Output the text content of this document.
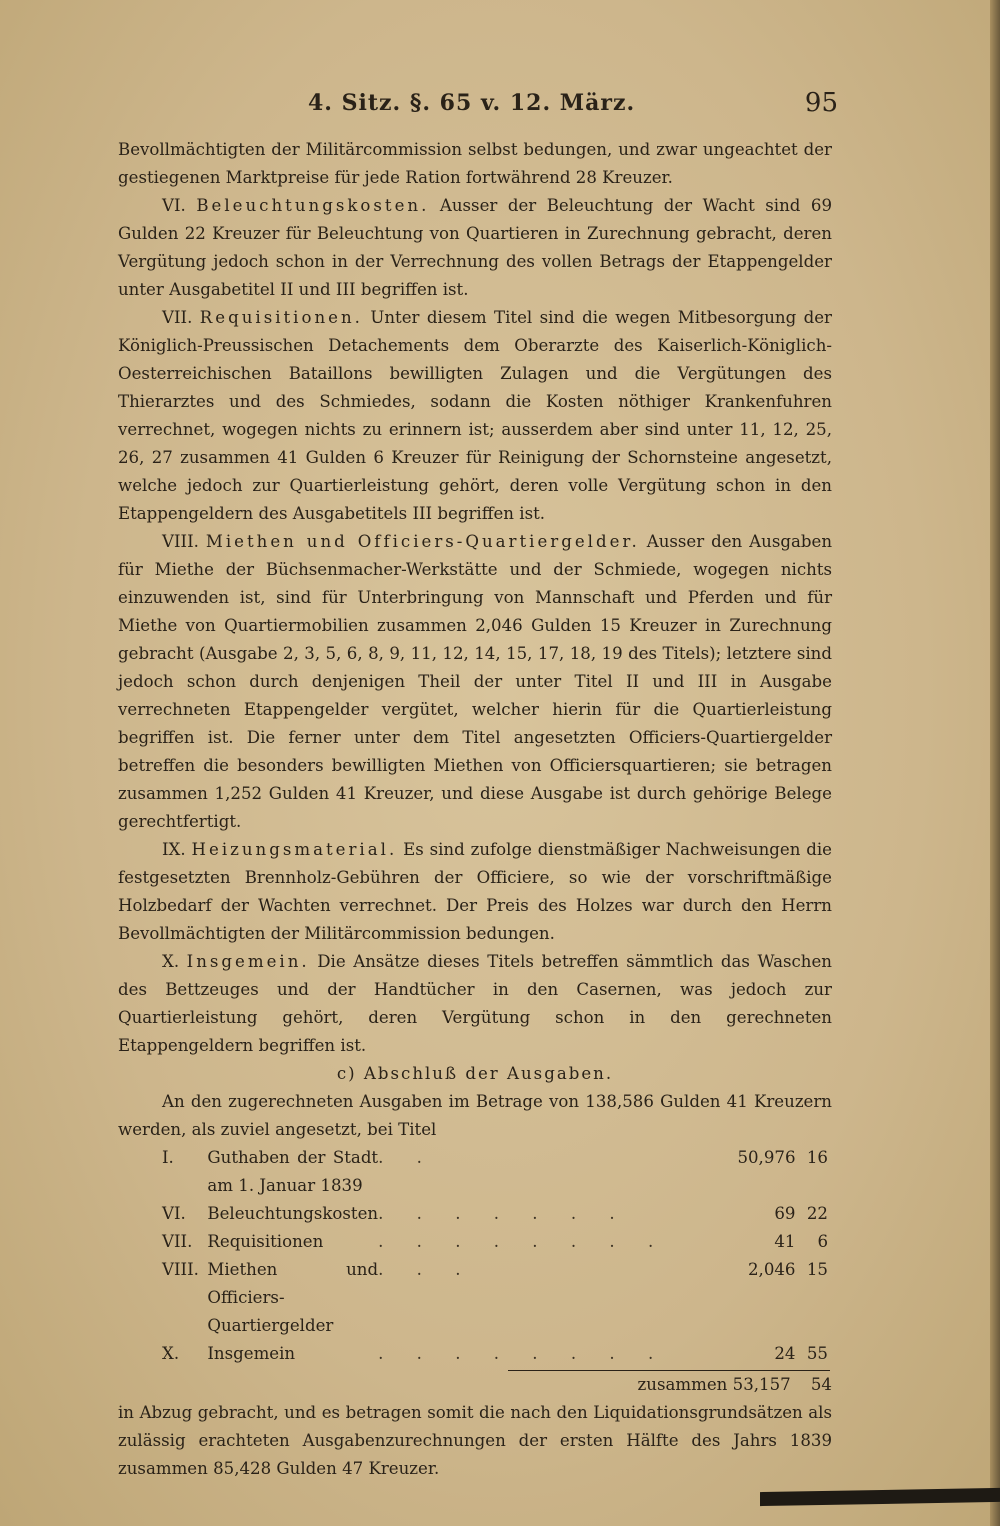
4. Sitz. §. 65 v. 12. März.	95

Bevollmächtigten der Militärcommission selbst bedungen, und zwar ungeachtet der gestiegenen Marktpreise für jede Ration fortwährend 28 Kreuzer.

VI. Beleuchtungskosten. Ausser der Beleuchtung der Wacht sind 69 Gulden 22 Kreuzer für Beleuchtung von Quartieren in Zurechnung gebracht, deren Vergütung jedoch schon in der Verrechnung des vollen Betrags der Etappengelder unter Ausgabetitel II und III begriffen ist.

VII. Requisitionen. Unter diesem Titel sind die wegen Mitbesorgung der Königlich-Preussischen Detachements dem Oberarzte des Kaiserlich-Königlich-Oesterreichischen Bataillons bewilligten Zulagen und die Vergütungen des Thierarztes und des Schmiedes, sodann die Kosten nöthiger Krankenfuhren verrechnet, wogegen nichts zu erinnern ist; ausserdem aber sind unter 11, 12, 25, 26, 27 zusammen 41 Gulden 6 Kreuzer für Reinigung der Schornsteine angesetzt, welche jedoch zur Quartierleistung gehört, deren volle Vergütung schon in den Etappengeldern des Ausgabetitels III begriffen ist.

VIII. Miethen und Officiers-Quartiergelder. Ausser den Ausgaben für Miethe der Büchsenmacher-Werkstätte und der Schmiede, wogegen nichts einzuwenden ist, sind für Unterbringung von Mannschaft und Pferden und für Miethe von Quartiermobilien zusammen 2,046 Gulden 15 Kreuzer in Zurechnung gebracht (Ausgabe 2, 3, 5, 6, 8, 9, 11, 12, 14, 15, 17, 18, 19 des Titels); letztere sind jedoch schon durch denjenigen Theil der unter Titel II und III in Ausgabe verrechneten Etappengelder vergütet, welcher hierin für die Quartierleistung begriffen ist. Die ferner unter dem Titel angesetzten Officiers-Quartiergelder betreffen die besonders bewilligten Miethen von Officiersquartieren; sie betragen zusammen 1,252 Gulden 41 Kreuzer, und diese Ausgabe ist durch gehörige Belege gerechtfertigt.

IX. Heizungsmaterial. Es sind zufolge dienstmäßiger Nachweisungen die festgesetzten Brennholz-Gebühren der Officiere, so wie der vorschriftmäßige Holzbedarf der Wachten verrechnet. Der Preis des Holzes war durch den Herrn Bevollmächtigten der Militärcommission bedungen.

X. Insgemein. Die Ansätze dieses Titels betreffen sämmtlich das Waschen des Bettzeuges und der Handtücher in den Casernen, was jedoch zur Quartierleistung gehört, deren Vergütung schon in den gerechneten Etappengeldern begriffen ist.

c) Abschluß der Ausgaben.

An den zugerechneten Ausgaben im Betrage von 138,586 Gulden 41 Kreuzern werden, als zuviel angesetzt, bei Titel

I.	Guthaben der Stadt am 1. Januar 1839	. .	50,976	16
VI.	Beleuchtungskosten	. . . . . . .	69	22
VII.	Requisitionen	. . . . . . . .	41	6
VIII.	Miethen und Officiers-Quartiergelder	. . .	2,046	15
X.	Insgemein	. . . . . . . .	24	55
zusammen 53,157 54

in Abzug gebracht, und es betragen somit die nach den Liquidationsgrundsätzen als zulässig erachteten Ausgabenzurechnungen der ersten Hälfte des Jahrs 1839 zusammen 85,428 Gulden 47 Kreuzer.
